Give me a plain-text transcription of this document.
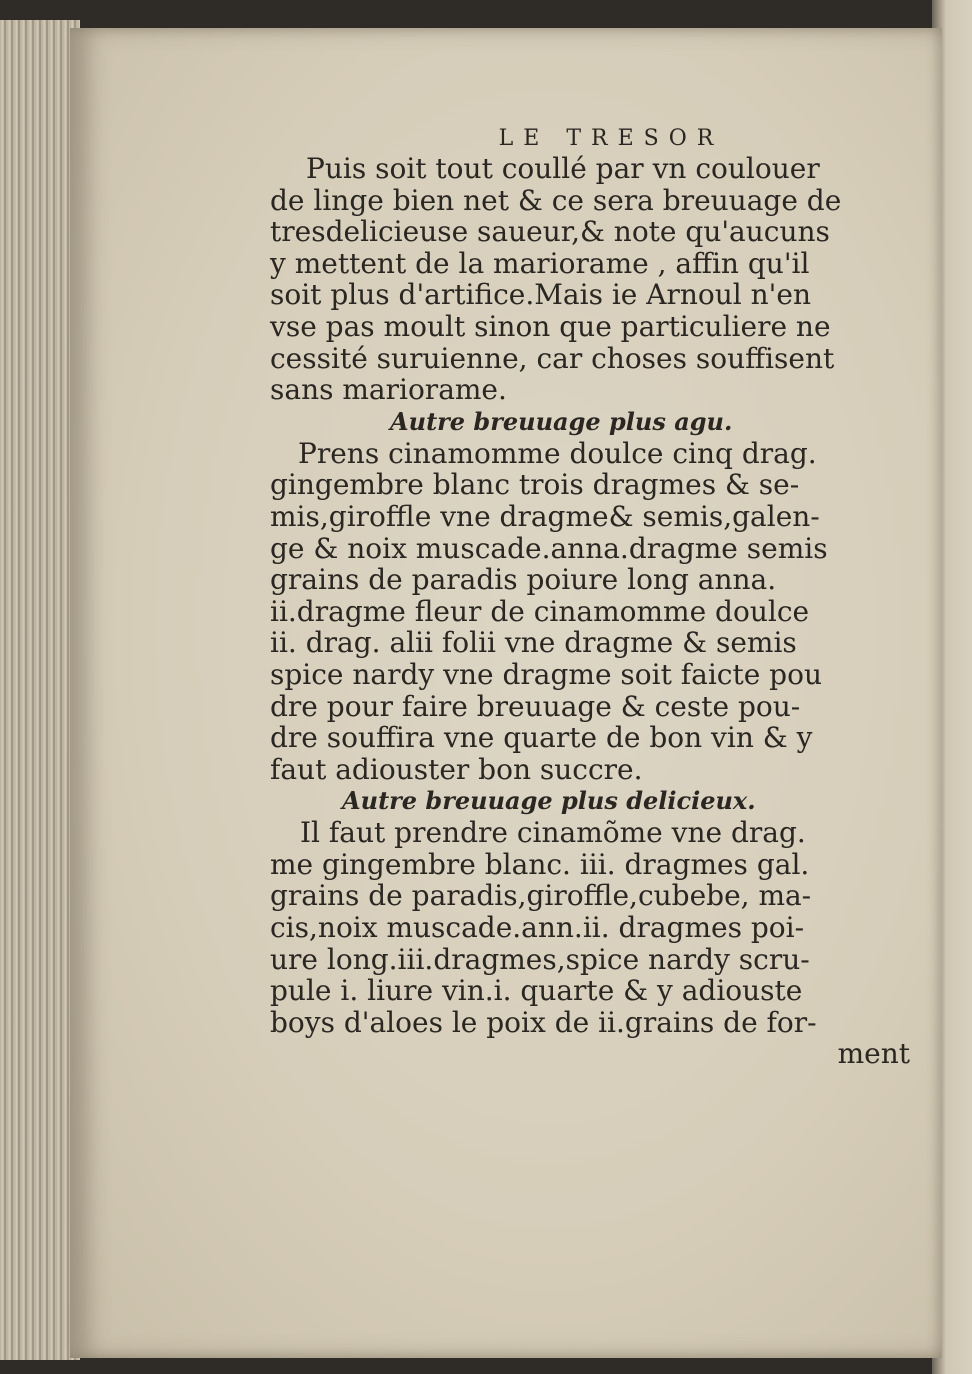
LE TRESOR
Puis soit tout coullé par vn coulouer
de linge bien net & ce sera breuuage de
tresdelicieuse saueur,& note qu'aucuns
y mettent de la mariorame , affin qu'il
soit plus d'artifice.Mais ie Arnoul n'en
vse pas moult sinon que particuliere ne
cessité suruienne, car choses souffisent
sans mariorame.
Autre breuuage plus agu.
Prens cinamomme doulce cinq drag.
gingembre blanc trois dragmes & se-
mis,giroffle vne dragme& semis,galen-
ge & noix muscade.anna.dragme semis
grains de paradis poiure long anna.
ii.dragme fleur de cinamomme doulce
ii. drag. alii folii vne dragme & semis
spice nardy vne dragme soit faicte pou
dre pour faire breuuage & ceste pou-
dre souffira vne quarte de bon vin & y
faut adiouster bon succre.
Autre breuuage plus delicieux.
Il faut prendre cinamõme vne drag.
me gingembre blanc. iii. dragmes gal.
grains de paradis,giroffle,cubebe, ma-
cis,noix muscade.ann.ii. dragmes poi-
ure long.iii.dragmes,spice nardy scru-
pule i. liure vin.i. quarte & y adiouste
boys d'aloes le poix de ii.grains de for-
ment
